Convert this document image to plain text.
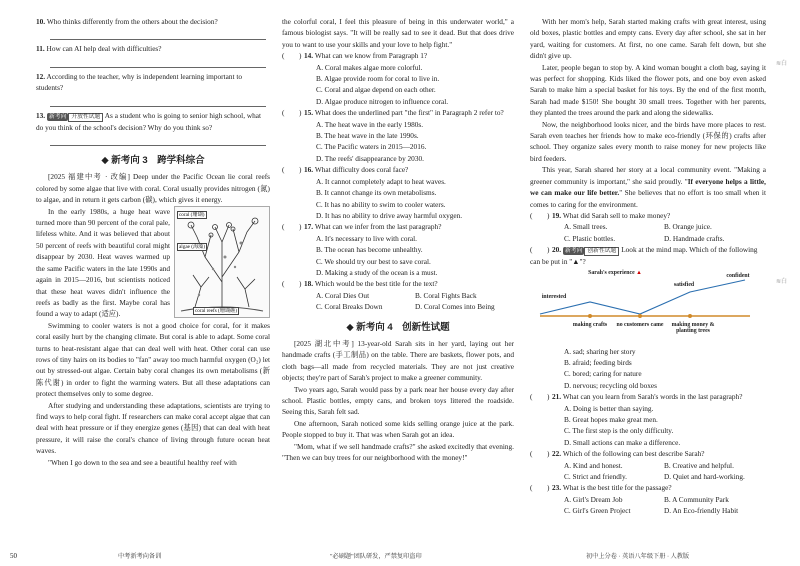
10. Who thinks differently from the others about the decision?

11. How can AI help deal with difficulties?

12. According to the teacher, why is independent learning important to students?

13. 新考向 开放性试题 As a student who is going to senior high school, what do you think of the school's decision? Why do you think so?

◆ 新考向 3　跨学科综合

[2025 福建中考 · 改编] Deep under the Pacific Ocean lie coral reefs colored by some algae that live with coral. Coral usually provides nitrogen (氮) to algae, and in return it gets carbon (碳), which gives it energy.

coral (珊瑚)
algae (海藻)
coral reefs (珊瑚礁)

In the early 1980s, a huge heat wave turned more than 90 percent of the coral pale, lifeless white. And it was believed that about 50 percent of reefs with beautiful coral might disappear by 2030. Heat waves warmed up the same Pacific waters in the late 1990s and again in 2015—2016, but scientists noticed that these heat waves didn't influence the reefs as badly as the first. Maybe coral has found a way to adapt (适应).

Swimming to cooler waters is not a good choice for coral, for it makes coral easily hurt by the changing climate. But coral is able to adapt. Some coral turns to heat-resistant algae that can deal well with heat. Other coral can use rows of tiny hairs on its bodies to "fan" away too much harmful oxygen (O₂) let out by stressed-out algae. Certain baby coral changes its own metabolisms (新陈代谢) in order to fight the warming waters. But all these adaptations can protect themselves only to some degree.

After studying and understanding these adaptations, scientists are trying to find ways to help coral fight. If researchers can make coral accept algae that can deal with heat pressure or if they energize genes (基因) that can deal with heat pressure, it will raise the coral's chance of living through future ocean heat waves.

"When I go down to the sea and see a beautiful healthy reef with

the colorful coral, I feel this pleasure of being in this underwater world," a famous biologist says. "It will be really sad to see it dead. But that does drive you to want to use your skills and your love to help fight."

(　　) 14. What can we know from Paragraph 1?

A. Coral makes algae more colorful.

B. Algae provide room for coral to live in.

C. Coral and algae depend on each other.

D. Algae produce nitrogen to influence coral.

(　　) 15. What does the underlined part "the first" in Paragraph 2 refer to?

A. The heat wave in the early 1980s.

B. The heat wave in the late 1990s.

C. The Pacific waters in 2015—2016.

D. The reefs' disappearance by 2030.

(　　) 16. What difficulty does coral face?

A. It cannot completely adapt to heat waves.

B. It cannot change its own metabolisms.

C. It has no ability to swim to cooler waters.

D. It has no ability to drive away harmful oxygen.

(　　) 17. What can we infer from the last paragraph?

A. It's necessary to live with coral.

B. The ocean has become unhealthy.

C. We should try our best to save coral.

D. Making a study of the ocean is a must.

(　　) 18. Which would be the best title for the text?

A. Coral Dies Out	B. Coral Fights Back

C. Coral Breaks Down	D. Coral Comes into Being

◆ 新考向 4　创新性试题

[2025 湖北中考] 13-year-old Sarah sits in her yard, laying out her handmade crafts (手工制品) on the table. There are baskets, flower pots, and cloth bags—all made from recycled materials. They are not just creative objects; they're part of Sarah's project to make a greener community.

Two years ago, Sarah would pass by a park near her house every day after school. Plastic bottles, empty cans, and broken toys littered the roadside. Seeing this, Sarah felt sad.

One afternoon, Sarah noticed some kids selling orange juice at the park. People stopped to buy it. That was when Sarah got an idea.

"Mom, what if we sell handmade crafts?" she asked excitedly that evening. "Then we can buy trees for our neighborhood with the money!"

With her mom's help, Sarah started making crafts with great interest, using old boxes, plastic bottles and empty cans. Every day after school, she sat in her yard, waiting for customers. At first, no one came. Sarah felt down, but she didn't give up.

Later, people began to stop by. A kind woman bought a cloth bag, saying it was perfect for shopping. Kids liked the flower pots, and one boy even asked Sarah to make him a special basket for his toys. By the end of the first month, Sarah had made $150! She bought 30 small trees. Together with her parents, they planted the trees around the park and along the sidewalks.

Now, the neighborhood looks nicer, and the birds have more places to rest. Sarah even teaches her friends how to make eco-friendly (环保的) crafts after school. They organize sales every month to raise money for new projects like bird feeders.

This year, Sarah shared her story at a local community event. "Making a greener community is important," she said proudly. "If everyone helps a little, we can make our life better." She believes that no effort is too small when it comes to caring for the environment.

(　　) 19. What did Sarah sell to make money?

A. Small trees.	B. Orange juice.

C. Plastic bottles.	D. Handmade crafts.

(　　) 20. 新考向 创新性试题 Look at the mind map. Which of the following can be put in "▲"?

Sarah's experience ▲	confident
satisfied
interested
making crafts	no customers came	making money & planting trees

A. sad; sharing her story

B. afraid; feeding birds

C. bored; caring for nature

D. nervous; recycling old boxes

(　　) 21. What can you learn from Sarah's words in the last paragraph?

A. Doing is better than saying.

B. Great hopes make great men.

C. The first step is the only difficulty.

D. Small actions can make a difference.

(　　) 22. Which of the following can best describe Sarah?

A. Kind and honest.	B. Creative and helpful.

C. Strict and friendly.	D. Quiet and hard-working.

(　　) 23. What is the best title for the passage?

A. Girl's Dream Job	B. A Community Park

C. Girl's Green Project	D. An Eco-friendly Habit

≋白
≋白
50	中考新考向备训	"必刷题"团队研发，严禁复印盗印	初中上分卷 · 英语八年级下册 · 人教版
